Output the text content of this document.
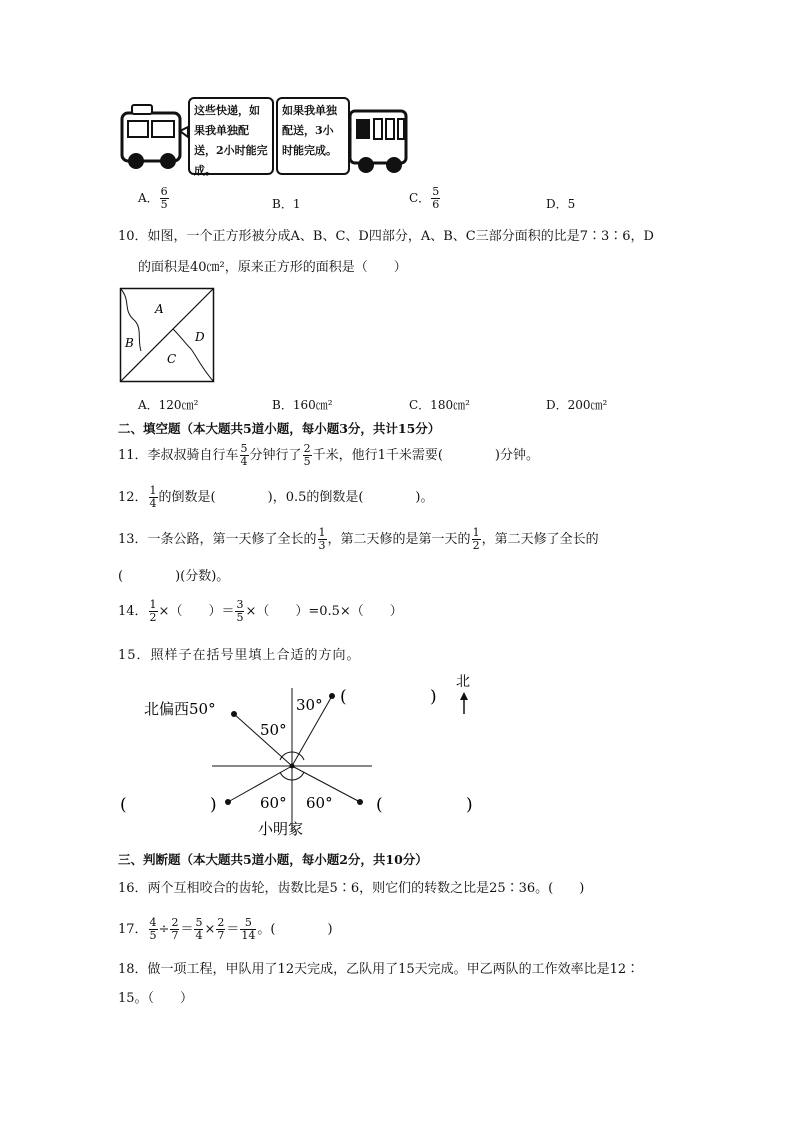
这些快递，如果我单独配送，2小时能完成。
如果我单独配送，3小时能完成。
A． $\frac{6}{5}$	B．1	C． $\frac{5}{6}$	D．5
10．如图，一个正方形被分成A、B、C、D四部分，A、B、C三部分面积的比是7∶3∶6，D
的面积是40㎝²，原来正方形的面积是（　　）
A
B
C
D
A．120㎝²	B．160㎝²	C．180㎝²	D．200㎝²
二、填空题（本大题共5道小题，每小题3分，共计15分）
11．李叔叔骑自行车 $\frac{5}{4}$ 分钟行了 $\frac{2}{5}$ 千米，他行1千米需要(　　　　)分钟。
12． $\frac{1}{4}$ 的倒数是(　　　　)，0.5的倒数是(　　　　)。
13．一条公路，第一天修了全长的 $\frac{1}{3}$ ，第二天修的是第一天的 $\frac{1}{2}$ ，第二天修了全长的
(　　　　)(分数)。
14． $\frac{1}{2}$ ×（　　）＝ $\frac{3}{5}$ ×（　　）=0.5×（　　）
15．照样子在括号里填上合适的方向。
北偏西50°	30°
50°
60° 60°
小明家
(	)
(	)	(	)
北
三、判断题（本大题共5道小题，每小题2分，共10分）
16．两个互相咬合的齿轮，齿数比是5∶6，则它们的转数之比是25∶36。(　　)
17． $\frac{4}{5} \div \frac{2}{7} = \frac{5}{4} \times \frac{2}{7} = \frac{5}{14}$ 。(　　　　)
18．做一项工程，甲队用了12天完成，乙队用了15天完成。甲乙两队的工作效率比是12∶
15。（　　）
